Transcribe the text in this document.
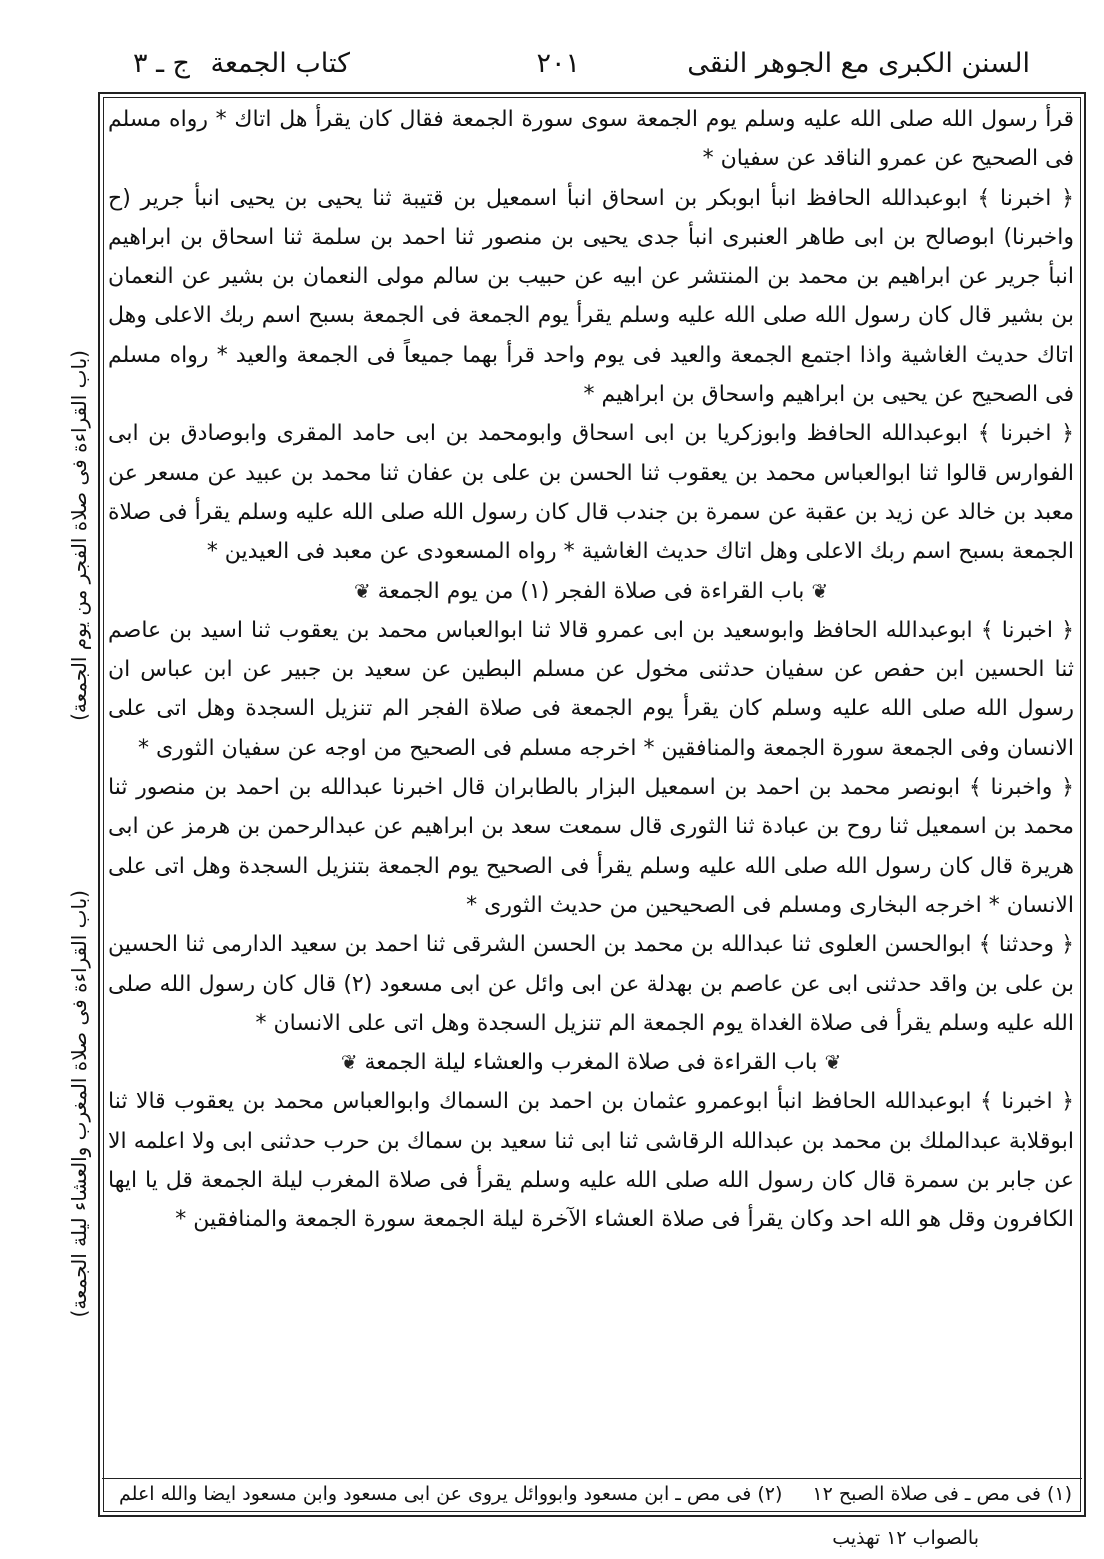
السنن الكبرى مع الجوهر النقى
٢٠١
كتاب الجمعة
ج ـ ٣

قرأ رسول الله صلى الله عليه وسلم يوم الجمعة سوى سورة الجمعة فقال كان يقرأ هل اتاك * رواه مسلم فى الصحيح عن عمرو الناقد عن سفيان *

﴿ اخبرنا ﴾ ابوعبدالله الحافظ انبأ ابوبكر بن اسحاق انبأ اسمعيل بن قتيبة ثنا يحيى بن يحيى انبأ جرير (ح واخبرنا) ابوصالح بن ابى طاهر العنبرى انبأ جدى يحيى بن منصور ثنا احمد بن سلمة ثنا اسحاق بن ابراهيم انبأ جرير عن ابراهيم بن محمد بن المنتشر عن ابيه عن حبيب بن سالم مولى النعمان بن بشير عن النعمان بن بشير قال كان رسول الله صلى الله عليه وسلم يقرأ يوم الجمعة فى الجمعة بسبح اسم ربك الاعلى وهل اتاك حديث الغاشية واذا اجتمع الجمعة والعيد فى يوم واحد قرأ بهما جميعاً فى الجمعة والعيد * رواه مسلم فى الصحيح عن يحيى بن ابراهيم واسحاق بن ابراهيم *

﴿ اخبرنا ﴾ ابوعبدالله الحافظ وابوزكريا بن ابى اسحاق وابومحمد بن ابى حامد المقرى وابوصادق بن ابى الفوارس قالوا ثنا ابوالعباس محمد بن يعقوب ثنا الحسن بن على بن عفان ثنا محمد بن عبيد عن مسعر عن معبد بن خالد عن زيد بن عقبة عن سمرة بن جندب قال كان رسول الله صلى الله عليه وسلم يقرأ فى صلاة الجمعة بسبح اسم ربك الاعلى وهل اتاك حديث الغاشية * رواه المسعودى عن معبد فى العيدين *

❦ باب القراءة فى صلاة الفجر (١) من يوم الجمعة ❦

﴿ اخبرنا ﴾ ابوعبدالله الحافظ وابوسعيد بن ابى عمرو قالا ثنا ابوالعباس محمد بن يعقوب ثنا اسيد بن عاصم ثنا الحسين ابن حفص عن سفيان حدثنى مخول عن مسلم البطين عن سعيد بن جبير عن ابن عباس ان رسول الله صلى الله عليه وسلم كان يقرأ يوم الجمعة فى صلاة الفجر الم تنزيل السجدة وهل اتى على الانسان وفى الجمعة سورة الجمعة والمنافقين * اخرجه مسلم فى الصحيح من اوجه عن سفيان الثورى *

﴿ واخبرنا ﴾ ابونصر محمد بن احمد بن اسمعيل البزار بالطابران قال اخبرنا عبدالله بن احمد بن منصور ثنا محمد بن اسمعيل ثنا روح بن عبادة ثنا الثورى قال سمعت سعد بن ابراهيم عن عبدالرحمن بن هرمز عن ابى هريرة قال كان رسول الله صلى الله عليه وسلم يقرأ فى الصحيح يوم الجمعة بتنزيل السجدة وهل اتى على الانسان * اخرجه البخارى ومسلم فى الصحيحين من حديث الثورى *

﴿ وحدثنا ﴾ ابوالحسن العلوى ثنا عبدالله بن محمد بن الحسن الشرقى ثنا احمد بن سعيد الدارمى ثنا الحسين بن على بن واقد حدثنى ابى عن عاصم بن بهدلة عن ابى وائل عن ابى مسعود (٢) قال كان رسول الله صلى الله عليه وسلم يقرأ فى صلاة الغداة يوم الجمعة الم تنزيل السجدة وهل اتى على الانسان *

❦ باب القراءة فى صلاة المغرب والعشاء ليلة الجمعة ❦

﴿ اخبرنا ﴾ ابوعبدالله الحافظ انبأ ابوعمرو عثمان بن احمد بن السماك وابوالعباس محمد بن يعقوب قالا ثنا ابوقلابة عبدالملك بن محمد بن عبدالله الرقاشى ثنا ابى ثنا سعيد بن سماك بن حرب حدثنى ابى ولا اعلمه الا عن جابر بن سمرة قال كان رسول الله صلى الله عليه وسلم يقرأ فى صلاة المغرب ليلة الجمعة قل يا ايها الكافرون وقل هو الله احد وكان يقرأ فى صلاة العشاء الآخرة ليلة الجمعة سورة الجمعة والمنافقين *

(١) فى مص ـ فى صلاة الصبح ١٢ (٢) فى مص ـ ابن مسعود وابووائل يروى عن ابى مسعود وابن مسعود ايضا والله اعلم
بالصواب ١٢ تهذيب
(باب القراءة فى صلاة الفجر من يوم الجمعة)
(باب القراءة فى صلاة المغرب والعشاء ليلة الجمعة)
